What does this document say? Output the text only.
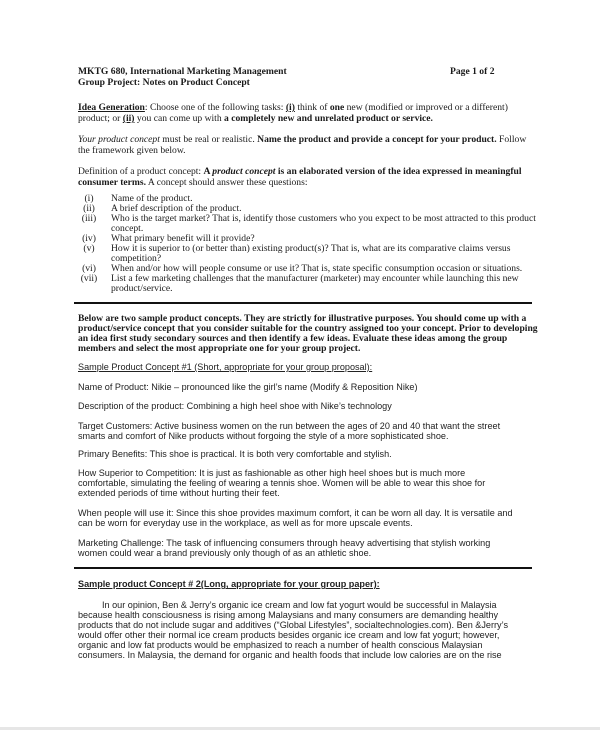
MKTG 680, International Marketing Management	Page 1 of 2
Group Project: Notes on Product Concept
Idea Generation: Choose one of the following tasks: (i) think of one new (modified or improved or a different)
product; or (ii) you can come up with a completely new and unrelated product or service.
Your product concept must be real or realistic. Name the product and provide a concept for your product. Follow
the framework given below.
Definition of a product concept: A product concept is an elaborated version of the idea expressed in meaningful
consumer terms. A concept should answer these questions:
(i)	Name of the product.
(ii)	A brief description of the product.
(iii)	Who is the target market? That is, identify those customers who you expect to be most attracted to this product
concept.
(iv)	What primary benefit will it provide?
(v)	How it is superior to (or better than) existing product(s)? That is, what are its comparative claims versus
competition?
(vi)	When and/or how will people consume or use it? That is, state specific consumption occasion or situations.
(vii) List a few marketing challenges that the manufacturer (marketer) may encounter while launching this new
product/service.
Below are two sample product concepts. They are strictly for illustrative purposes. You should come up with a
product/service concept that you consider suitable for the country assigned too your concept. Prior to developing
an idea first study secondary sources and then identify a few ideas. Evaluate these ideas among the group
members and select the most appropriate one for your group project.
Sample Product Concept #1 (Short, appropriate for your group proposal):
Name of Product: Nikie – pronounced like the girl’s name (Modify & Reposition Nike)
Description of the product: Combining a high heel shoe with Nike’s technology
Target Customers: Active business women on the run between the ages of 20 and 40 that want the street
smarts and comfort of Nike products without forgoing the style of a more sophisticated shoe.
Primary Benefits: This shoe is practical. It is both very comfortable and stylish.
How Superior to Competition: It is just as fashionable as other high heel shoes but is much more
comfortable, simulating the feeling of wearing a tennis shoe. Women will be able to wear this shoe for
extended periods of time without hurting their feet.
When people will use it: Since this shoe provides maximum comfort, it can be worn all day. It is versatile and
can be worn for everyday use in the workplace, as well as for more upscale events.
Marketing Challenge: The task of influencing consumers through heavy advertising that stylish working
women could wear a brand previously only though of as an athletic shoe.
Sample product Concept # 2(Long, appropriate for your group paper):
In our opinion, Ben & Jerry’s organic ice cream and low fat yogurt would be successful in Malaysia
because health consciousness is rising among Malaysians and many consumers are demanding healthy
products that do not include sugar and additives (“Global Lifestyles”, socialtechnologies.com). Ben &Jerry’s
would offer other their normal ice cream products besides organic ice cream and low fat yogurt; however,
organic and low fat products would be emphasized to reach a number of health conscious Malaysian
consumers. In Malaysia, the demand for organic and health foods that include low calories are on the rise
